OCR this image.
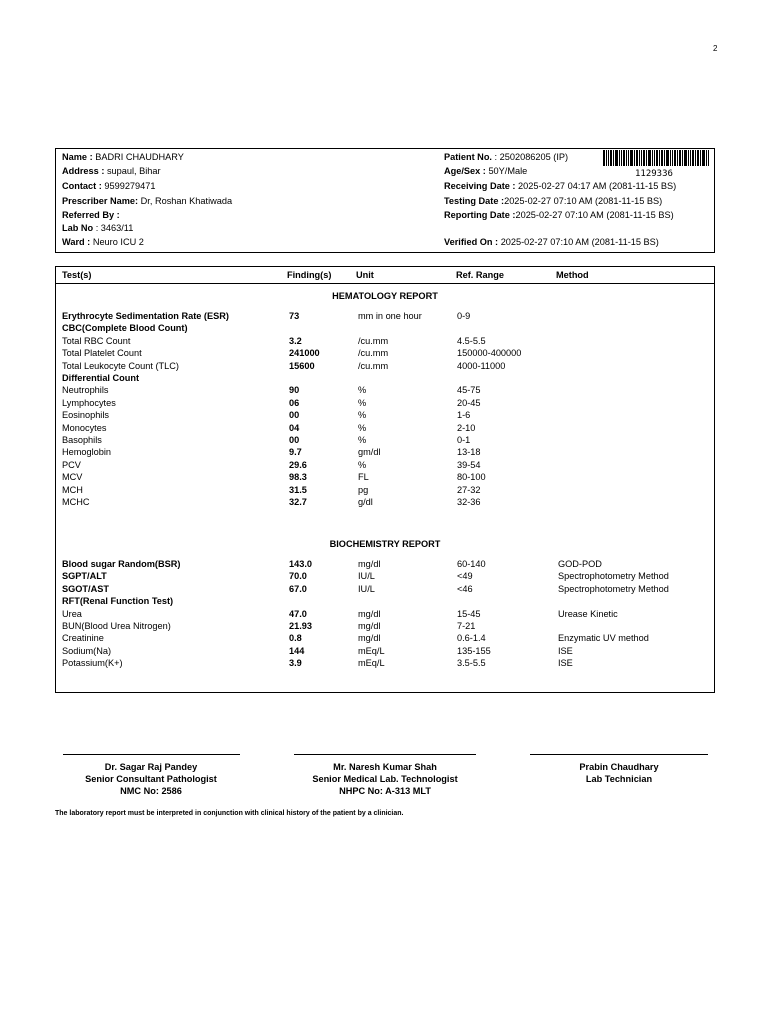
2
Name : BADRI CHAUDHARY
Address : supaul, Bihar
Contact : 9599279471
Prescriber Name: Dr, Roshan Khatiwada
Referred By :
Lab No : 3463/11
Ward : Neuro ICU 2
Patient No. : 2502086205 (IP)
1129336
Age/Sex : 50Y/Male
Receiving Date : 2025-02-27 04:17 AM (2081-11-15 BS)
Testing Date :2025-02-27 07:10 AM (2081-11-15 BS)
Reporting Date :2025-02-27 07:10 AM (2081-11-15 BS)
Verified On : 2025-02-27 07:10 AM (2081-11-15 BS)
Test(s)	Finding(s)	Unit	Ref. Range	Method
HEMATOLOGY REPORT
Erythrocyte Sedimentation Rate (ESR)	73	mm in one hour	0-9
CBC(Complete Blood Count)
Total RBC Count	3.2	/cu.mm	4.5-5.5
Total Platelet Count	241000	/cu.mm	150000-400000
Total Leukocyte Count (TLC)	15600	/cu.mm	4000-11000
Differential Count
Neutrophils	90	%	45-75
Lymphocytes	06	%	20-45
Eosinophils	00	%	1-6
Monocytes	04	%	2-10
Basophils	00	%	0-1
Hemoglobin	9.7	gm/dl	13-18
PCV	29.6	%	39-54
MCV	98.3	FL	80-100
MCH	31.5	pg	27-32
MCHC	32.7	g/dl	32-36
BIOCHEMISTRY REPORT
Blood sugar Random(BSR)	143.0	mg/dl	60-140	GOD-POD
SGPT/ALT	70.0	IU/L	<49	Spectrophotometry Method
SGOT/AST	67.0	IU/L	<46	Spectrophotometry Method
RFT(Renal Function Test)
Urea	47.0	mg/dl	15-45	Urease Kinetic
BUN(Blood Urea Nitrogen)	21.93	mg/dl	7-21
Creatinine	0.8	mg/dl	0.6-1.4	Enzymatic UV method
Sodium(Na)	144	mEq/L	135-155	ISE
Potassium(K+)	3.9	mEq/L	3.5-5.5	ISE
Dr. Sagar Raj Pandey
Senior Consultant Pathologist
NMC No: 2586
Mr. Naresh Kumar Shah
Senior Medical Lab. Technologist
NHPC No: A-313 MLT
Prabin Chaudhary
Lab Technician
The laboratory report must be interpreted in conjunction with clinical history of the patient by a clinician.
